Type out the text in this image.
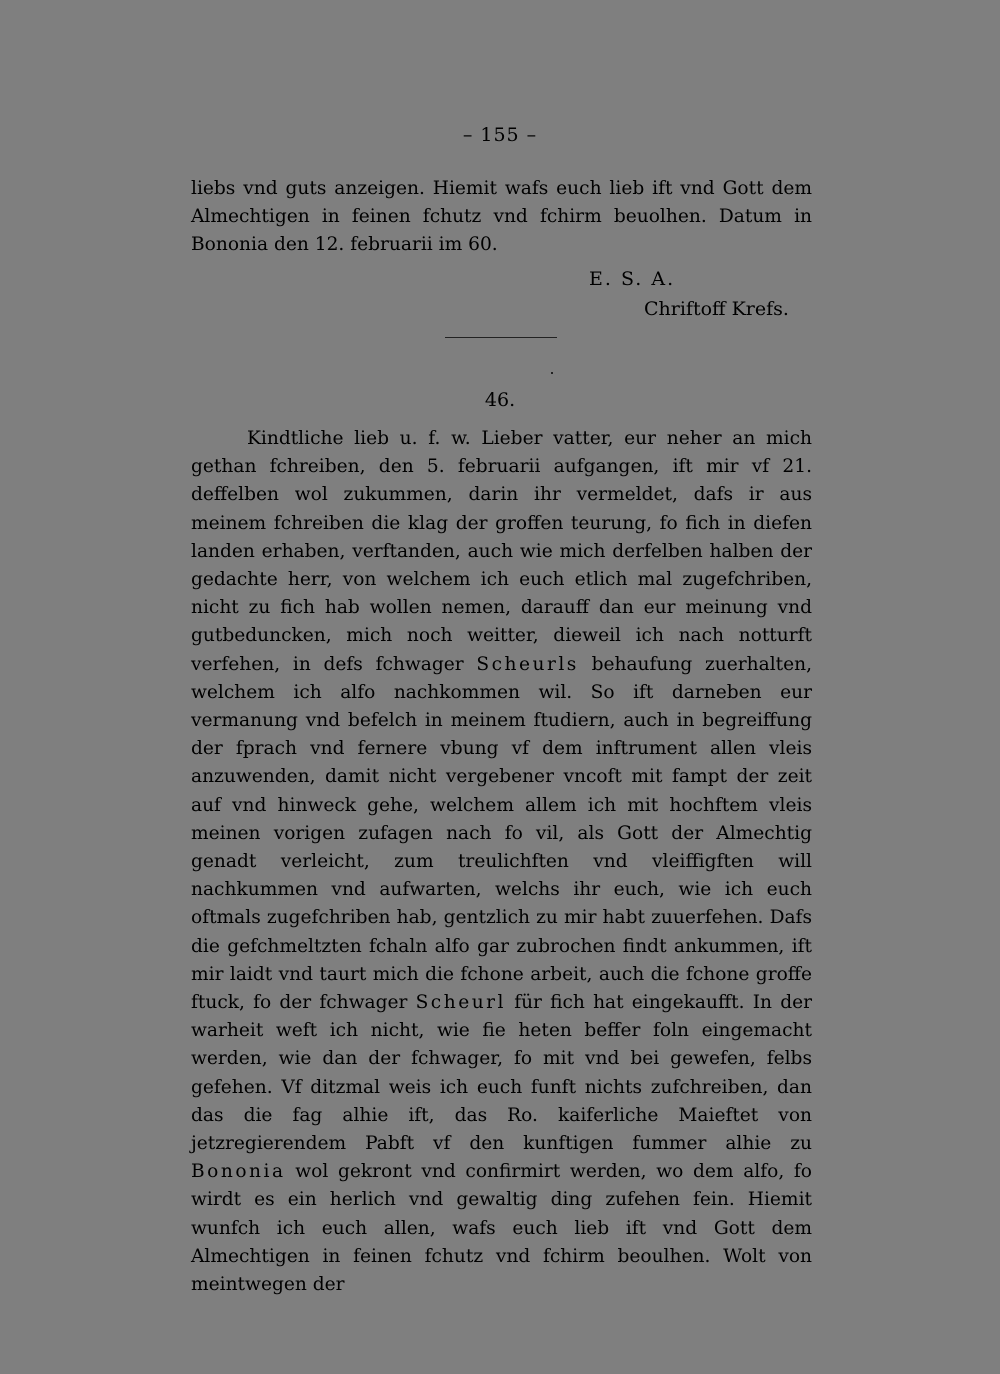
– 155 –
liebs vnd guts anzeigen. Hiemit wafs euch lieb ift vnd Gott dem Almechtigen in feinen fchutz vnd fchirm beuolhen. Datum in Bononia den 12. februarii im 60.
E. S. A.
Chriftoff Krefs.
46.

Kindtliche lieb u. f. w. Lieber vatter, eur neher an mich gethan fchreiben, den 5. februarii aufgangen, ift mir vf 21. deffelben wol zukummen, darin ihr vermeldet, dafs ir aus meinem fchreiben die klag der groffen teurung, fo fich in diefen landen erhaben, verftanden, auch wie mich derfelben halben der gedachte herr, von welchem ich euch etlich mal zugefchriben, nicht zu fich hab wollen nemen, darauff dan eur meinung vnd gutbeduncken, mich noch weitter, dieweil ich nach notturft verfehen, in defs fchwager Scheurls behaufung zuerhalten, welchem ich alfo nachkommen wil. So ift darneben eur vermanung vnd befelch in meinem ftudiern, auch in begreiffung der fprach vnd fernere vbung vf dem inftrument allen vleis anzuwenden, damit nicht vergebener vncoft mit fampt der zeit auf vnd hinweck gehe, welchem allem ich mit hochftem vleis meinen vorigen zufagen nach fo vil, als Gott der Almechtig genadt verleicht, zum treulichften vnd vleiffigften will nachkummen vnd aufwarten, welchs ihr euch, wie ich euch oftmals zugefchriben hab, gentzlich zu mir habt zuuerfehen. Dafs die gefchmeltzten fchaln alfo gar zubrochen findt ankummen, ift mir laidt vnd taurt mich die fchone arbeit, auch die fchone groffe ftuck, fo der fchwager Scheurl für fich hat eingekaufft. In der warheit weft ich nicht, wie fie heten beffer foln eingemacht werden, wie dan der fchwager, fo mit vnd bei gewefen, felbs gefehen. Vf ditzmal weis ich euch funft nichts zufchreiben, dan das die fag alhie ift, das Ro. kaiferliche Maieftet von jetzregierendem Pabft vf den kunftigen fummer alhie zu Bononia wol gekront vnd confirmirt werden, wo dem alfo, fo wirdt es ein herlich vnd gewaltig ding zufehen fein. Hiemit wunfch ich euch allen, wafs euch lieb ift vnd Gott dem Almechtigen in feinen fchutz vnd fchirm beoulhen. Wolt von meintwegen der
